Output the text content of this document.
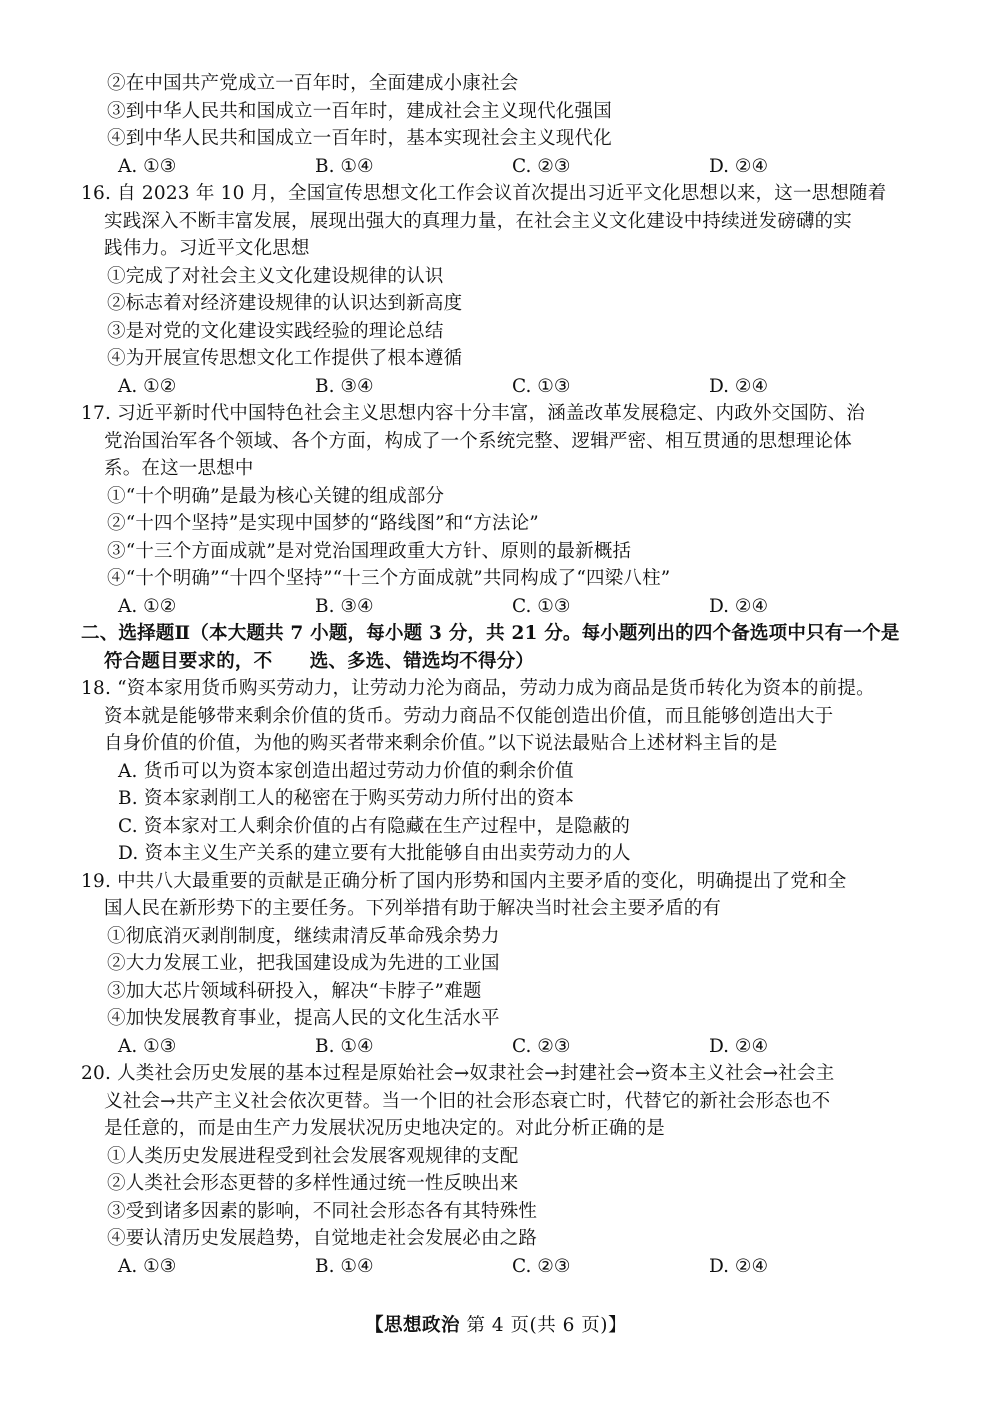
②在中国共产党成立一百年时，全面建成小康社会
③到中华人民共和国成立一百年时，建成社会主义现代化强国
④到中华人民共和国成立一百年时，基本实现社会主义现代化
A. ①③	B. ①④	C. ②③	D. ②④
16. 自 2023 年 10 月，全国宣传思想文化工作会议首次提出习近平文化思想以来，这一思想随着
实践深入不断丰富发展，展现出强大的真理力量，在社会主义文化建设中持续迸发磅礴的实
践伟力。习近平文化思想
①完成了对社会主义文化建设规律的认识
②标志着对经济建设规律的认识达到新高度
③是对党的文化建设实践经验的理论总结
④为开展宣传思想文化工作提供了根本遵循
A. ①②	B. ③④	C. ①③	D. ②④
17. 习近平新时代中国特色社会主义思想内容十分丰富，涵盖改革发展稳定、内政外交国防、治
党治国治军各个领域、各个方面，构成了一个系统完整、逻辑严密、相互贯通的思想理论体
系。在这一思想中
①“十个明确”是最为核心关键的组成部分
②“十四个坚持”是实现中国梦的“路线图”和“方法论”
③“十三个方面成就”是对党治国理政重大方针、原则的最新概括
④“十个明确”“十四个坚持”“十三个方面成就”共同构成了“四梁八柱”
A. ①②	B. ③④	C. ①③	D. ②④
二、选择题Ⅱ（本大题共 7 小题，每小题 3 分，共 21 分。每小题列出的四个备选项中只有一个是
符合题目要求的，不　　选、多选、错选均不得分）
18. “资本家用货币购买劳动力，让劳动力沦为商品，劳动力成为商品是货币转化为资本的前提。
资本就是能够带来剩余价值的货币。劳动力商品不仅能创造出价值，而且能够创造出大于
自身价值的价值，为他的购买者带来剩余价值。”以下说法最贴合上述材料主旨的是
A. 货币可以为资本家创造出超过劳动力价值的剩余价值
B. 资本家剥削工人的秘密在于购买劳动力所付出的资本
C. 资本家对工人剩余价值的占有隐藏在生产过程中，是隐蔽的
D. 资本主义生产关系的建立要有大批能够自由出卖劳动力的人
19. 中共八大最重要的贡献是正确分析了国内形势和国内主要矛盾的变化，明确提出了党和全
国人民在新形势下的主要任务。下列举措有助于解决当时社会主要矛盾的有
①彻底消灭剥削制度，继续肃清反革命残余势力
②大力发展工业，把我国建设成为先进的工业国
③加大芯片领域科研投入，解决“卡脖子”难题
④加快发展教育事业，提高人民的文化生活水平
A. ①③	B. ①④	C. ②③	D. ②④
20. 人类社会历史发展的基本过程是原始社会→奴隶社会→封建社会→资本主义社会→社会主
义社会→共产主义社会依次更替。当一个旧的社会形态衰亡时，代替它的新社会形态也不
是任意的，而是由生产力发展状况历史地决定的。对此分析正确的是
①人类历史发展进程受到社会发展客观规律的支配
②人类社会形态更替的多样性通过统一性反映出来
③受到诸多因素的影响，不同社会形态各有其特殊性
④要认清历史发展趋势，自觉地走社会发展必由之路
A. ①③	B. ①④	C. ②③	D. ②④
【思想政治 第 4 页(共 6 页)】
